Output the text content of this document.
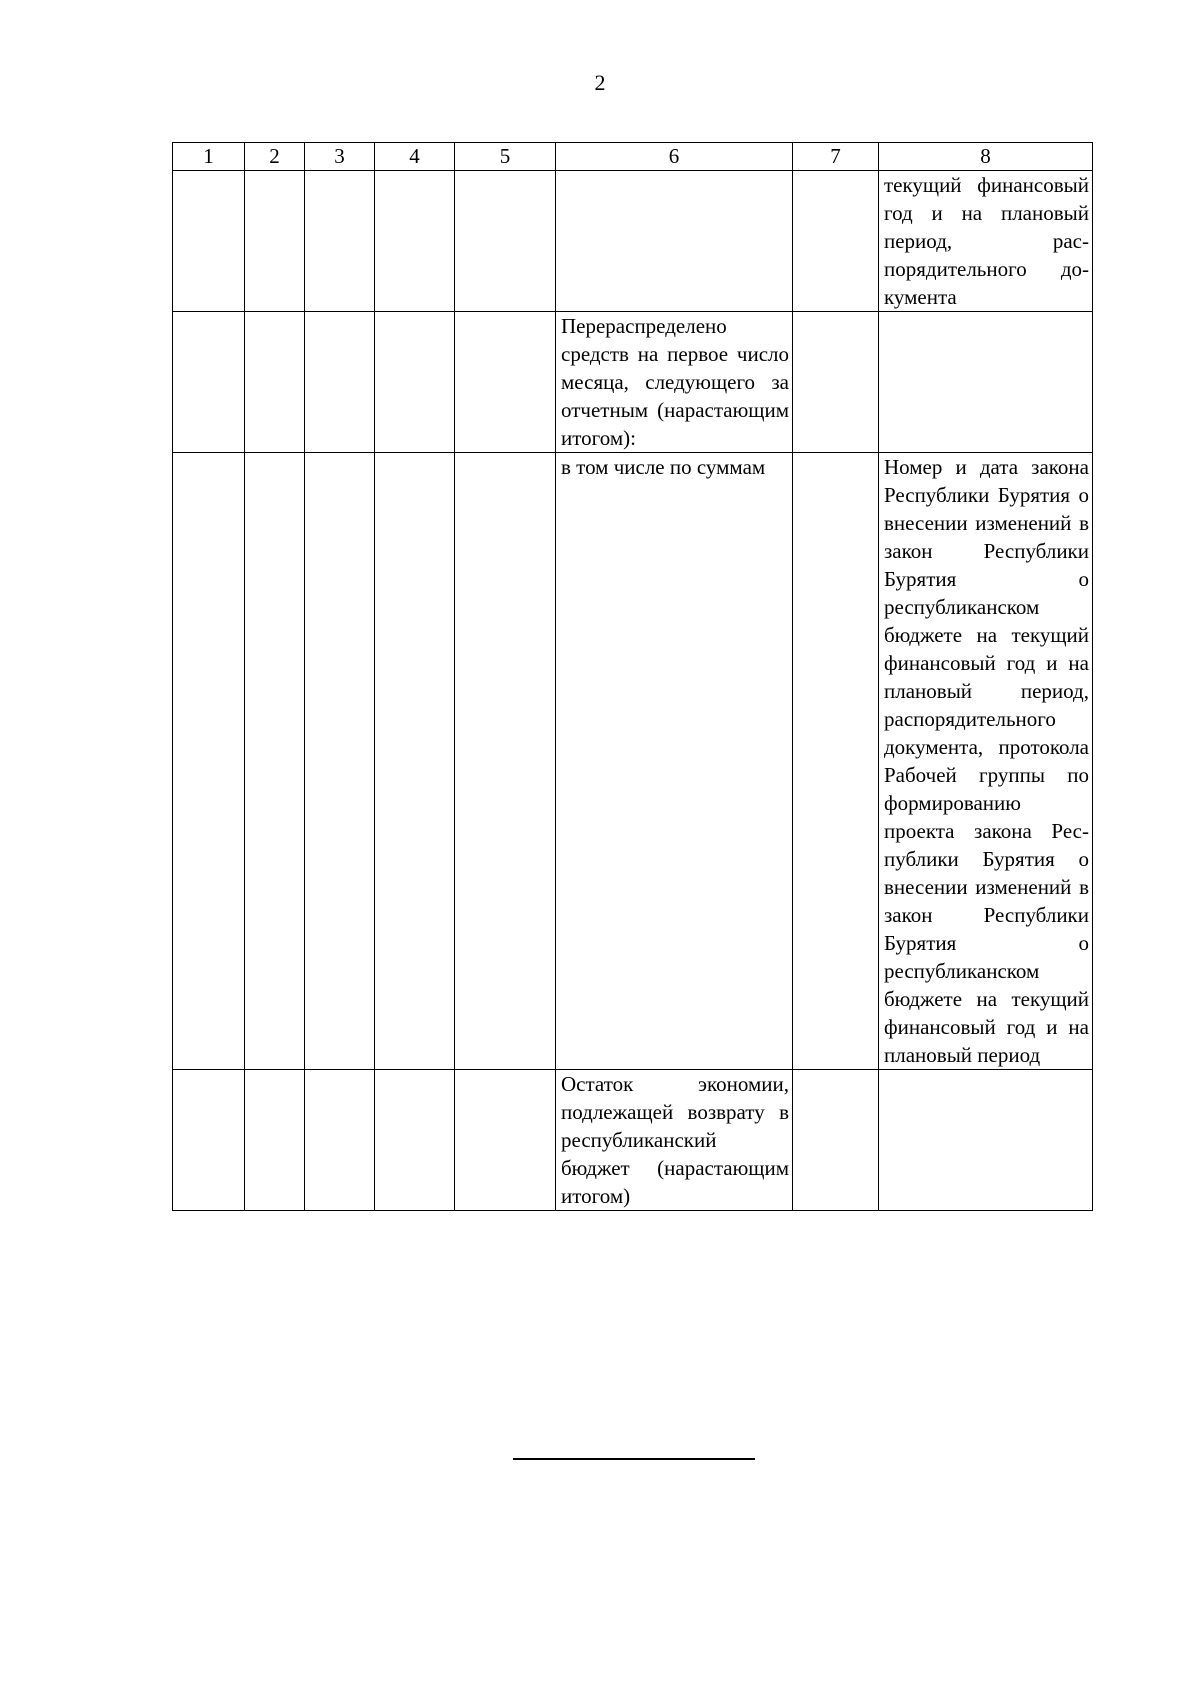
2
1	2	3	4	5	6	7	8
							текущий финансовый год и на плановый период, распорядительного документа
					Перераспределено средств на первое число месяца, следующего за отчетным (нарастающим итогом):		
					в том числе по суммам		Номер и дата закона Республики Бурятия о внесении изменений в закон Республики Бурятия о республиканском бюджете на текущий финансовый год и на плановый период, распорядительного документа, протокола Рабочей группы по формированию проекта закона Республики Бурятия о внесении изменений в закон Республики Бурятия о республиканском бюджете на текущий финансовый год и на плановый период
					Остаток экономии, подлежащей возврату в республиканский бюджет (нарастающим итогом)		
